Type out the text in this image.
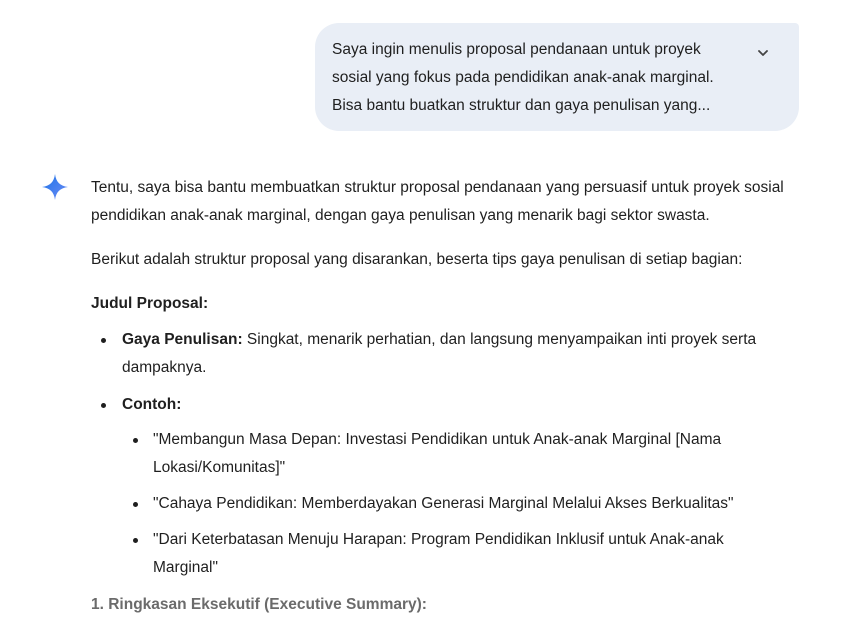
Saya ingin menulis proposal pendanaan untuk proyek

sosial yang fokus pada pendidikan anak-anak marginal.

Bisa bantu buatkan struktur dan gaya penulisan yang...

Tentu, saya bisa bantu membuatkan struktur proposal pendanaan yang persuasif untuk proyek sosial pendidikan anak-anak marginal, dengan gaya penulisan yang menarik bagi sektor swasta.

Berikut adalah struktur proposal yang disarankan, beserta tips gaya penulisan di setiap bagian:

Judul Proposal:

Gaya Penulisan: Singkat, menarik perhatian, dan langsung menyampaikan inti proyek serta dampaknya.
Contoh:
"Membangun Masa Depan: Investasi Pendidikan untuk Anak-anak Marginal [Nama Lokasi/Komunitas]"
"Cahaya Pendidikan: Memberdayakan Generasi Marginal Melalui Akses Berkualitas"
"Dari Keterbatasan Menuju Harapan: Program Pendidikan Inklusif untuk Anak-anak Marginal"

1. Ringkasan Eksekutif (Executive Summary):
